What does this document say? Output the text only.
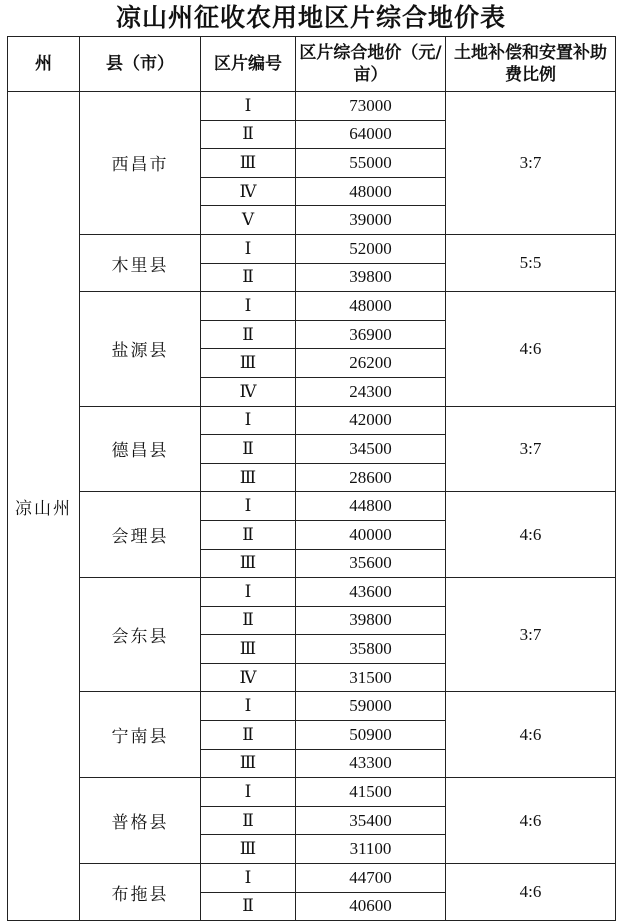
凉山州征收农用地区片综合地价表
州	县（市）	区片编号	区片综合地价（元/亩）	土地补偿和安置补助费比例
凉山州	西昌市	Ⅰ	73000	3:7
		Ⅱ	64000	
		Ⅲ	55000	
		Ⅳ	48000	
		Ⅴ	39000	
	木里县	Ⅰ	52000	5:5
		Ⅱ	39800	
	盐源县	Ⅰ	48000	4:6
		Ⅱ	36900	
		Ⅲ	26200	
		Ⅳ	24300	
	德昌县	Ⅰ	42000	3:7
		Ⅱ	34500	
		Ⅲ	28600	
	会理县	Ⅰ	44800	4:6
		Ⅱ	40000	
		Ⅲ	35600	
	会东县	Ⅰ	43600	3:7
		Ⅱ	39800	
		Ⅲ	35800	
		Ⅳ	31500	
	宁南县	Ⅰ	59000	4:6
		Ⅱ	50900	
		Ⅲ	43300	
	普格县	Ⅰ	41500	4:6
		Ⅱ	35400	
		Ⅲ	31100	
	布拖县	Ⅰ	44700	4:6
		Ⅱ	40600	
